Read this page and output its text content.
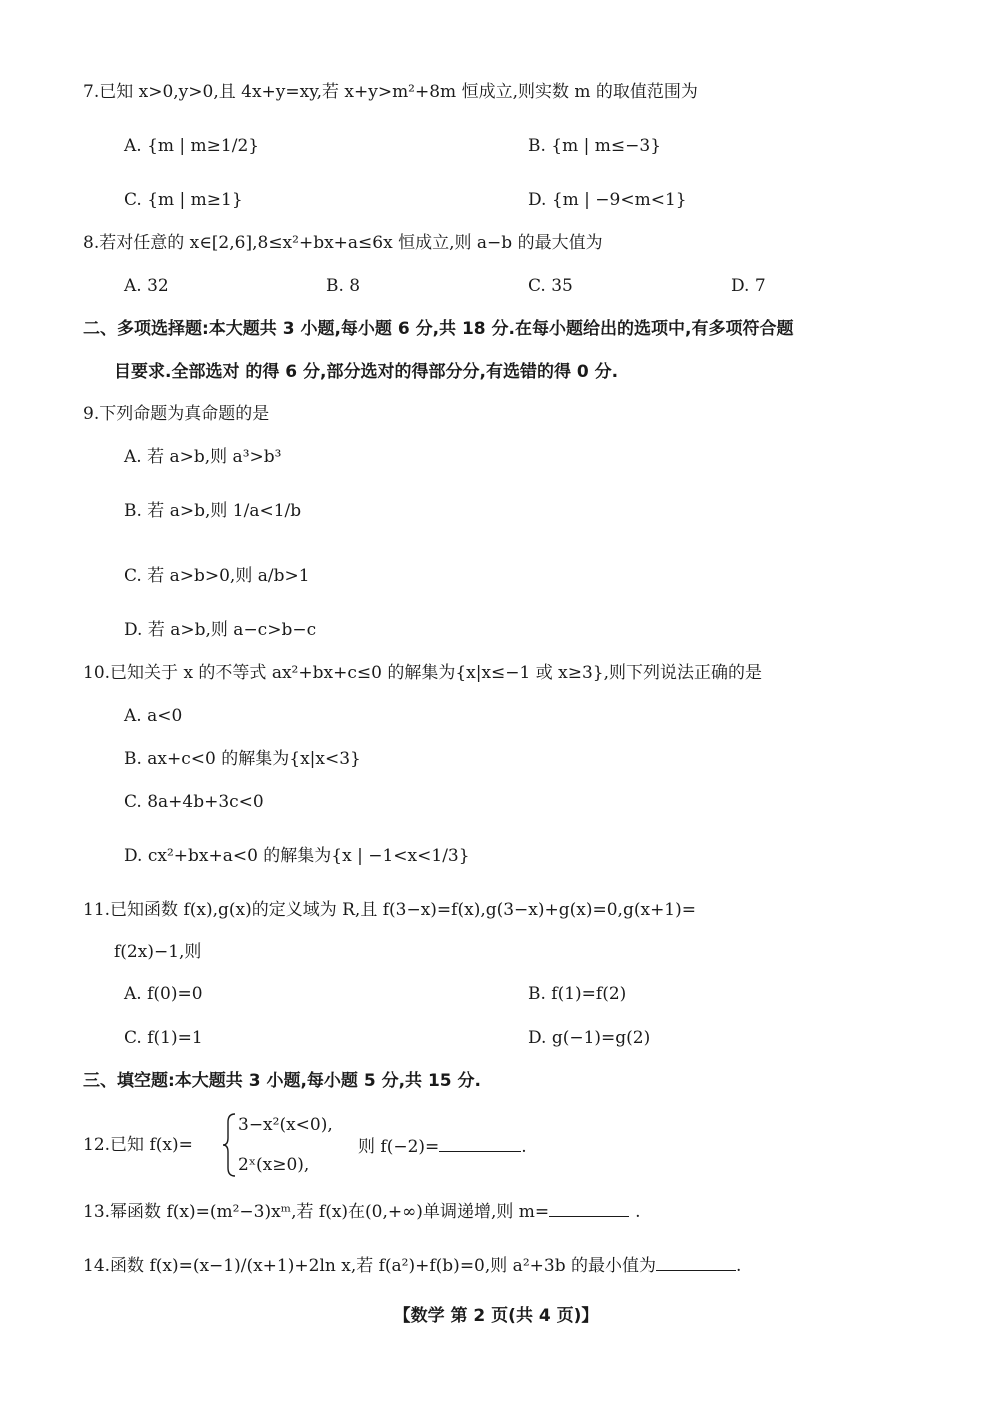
7.已知 x>0,y>0,且 4x+y=xy,若 x+y>m²+8m 恒成立,则实数 m 的取值范围为
A. {m | m≥1/2}	B. {m | m≤−3}
C. {m | m≥1}	D. {m | −9<m<1}
8.若对任意的 x∈[2,6],8≤x²+bx+a≤6x 恒成立,则 a−b 的最大值为
A. 32	B. 8	C. 35	D. 7
二、多项选择题:本大题共 3 小题,每小题 6 分,共 18 分.在每小题给出的选项中,有多项符合题
目要求.全部选对 的得 6 分,部分选对的得部分分,有选错的得 0 分.
9.下列命题为真命题的是
A. 若 a>b,则 a³>b³
B. 若 a>b,则 1/a<1/b
C. 若 a>b>0,则 a/b>1
D. 若 a>b,则 a−c>b−c
10.已知关于 x 的不等式 ax²+bx+c≤0 的解集为{x|x≤−1 或 x≥3},则下列说法正确的是
A. a<0
B. ax+c<0 的解集为{x|x<3}
C. 8a+4b+3c<0
D. cx²+bx+a<0 的解集为{x | −1<x<1/3}
11.已知函数 f(x),g(x)的定义域为 R,且 f(3−x)=f(x),g(3−x)+g(x)=0,g(x+1)=
f(2x)−1,则
A. f(0)=0	B. f(1)=f(2)
C. f(1)=1	D. g(−1)=g(2)
三、填空题:本大题共 3 小题,每小题 5 分,共 15 分.
12.已知 f(x)=
3−x²(x<0),
2ˣ(x≥0),
则 f(−2)=	.
13.幂函数 f(x)=(m²−3)xᵐ,若 f(x)在(0,+∞)单调递增,则 m=	.
14.函数 f(x)=(x−1)/(x+1)+2ln x,若 f(a²)+f(b)=0,则 a²+3b 的最小值为	.
【数学 第 2 页(共 4 页)】
